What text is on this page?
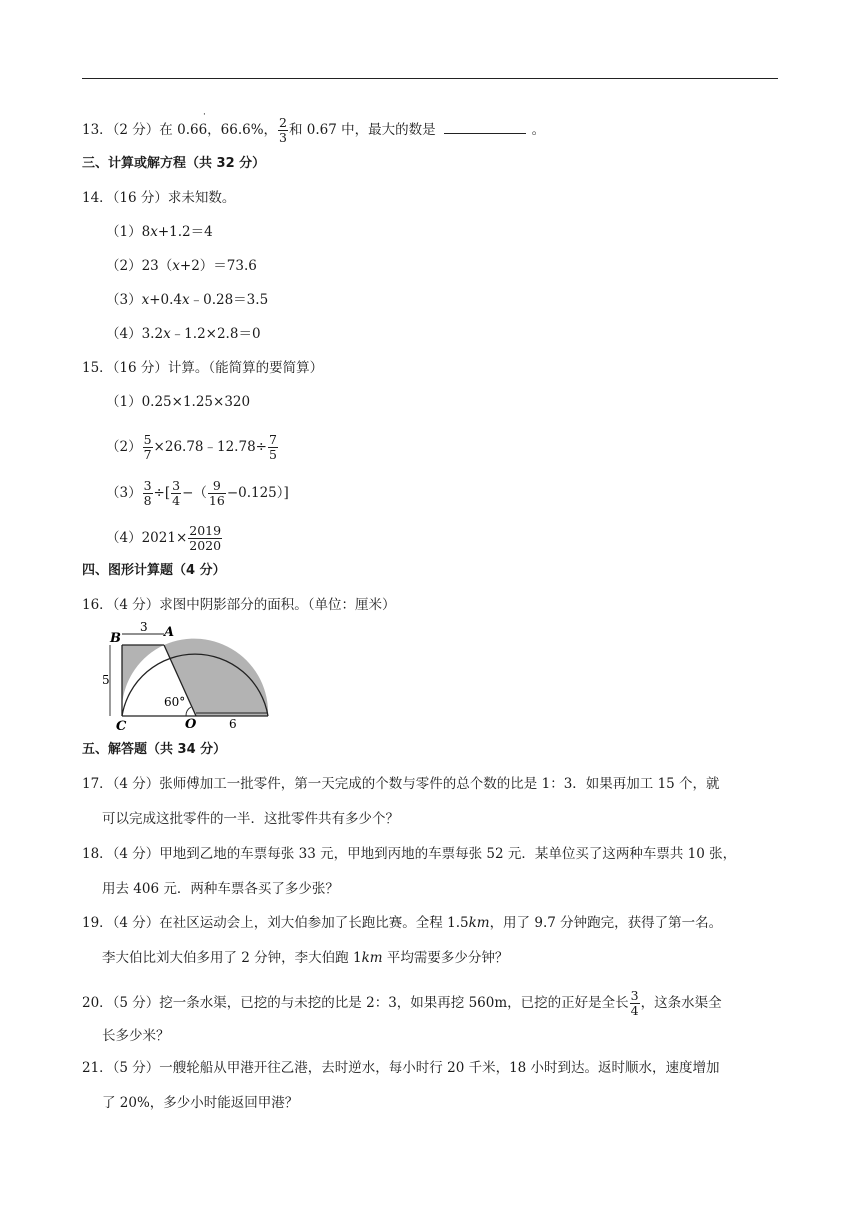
·
13．（2 分）在 0.66，66.6%， $\frac{2}{3}$ 和 0.67 中，最大的数是	。
三、计算或解方程（共 32 分）
14．（16 分）求未知数。
（1）8x+1.2＝4
（2）23（x+2）＝73.6
（3）x+0.4x﹣0.28＝3.5
（4）3.2x﹣1.2×2.8＝0
15．（16 分）计算。（能简算的要简算）
（1）0.25×1.25×320
$(2) \frac{5}{7}$ ×26.78﹣12.78÷ $\frac{7}{5}$
$(3) \frac{3}{8}$ ÷[ $\frac{3}{4}$ −（ $\frac{9}{16} -0.125$）]
$(4)2021\times \frac{2019}{2020}$
四、图形计算题（4 分）
16．（4 分）求图中阴影部分的面积。（单位：厘米）
B	A
C	O
3
5
6
60°
五、解答题（共 34 分）
17．（4 分）张师傅加工一批零件，第一天完成的个数与零件的总个数的比是 1：3．如果再加工 15 个，就
可以完成这批零件的一半．这批零件共有多少个？
18．（4 分）甲地到乙地的车票每张 33 元，甲地到丙地的车票每张 52 元．某单位买了这两种车票共 10 张，
用去 406 元．两种车票各买了多少张？
19．（4 分）在社区运动会上，刘大伯参加了长跑比赛。全程 1.5km，用了 9.7 分钟跑完，获得了第一名。
李大伯比刘大伯多用了 2 分钟，李大伯跑 1km 平均需要多少分钟？
20．（5 分）挖一条水渠，已挖的与未挖的比是 2：3，如果再挖 560m，已挖的正好是全长 $\frac{3}{4}$ ，这条水渠全
长多少米？
21．（5 分）一艘轮船从甲港开往乙港，去时逆水，每小时行 20 千米，18 小时到达。返时顺水，速度增加
了 20%，多少小时能返回甲港？
